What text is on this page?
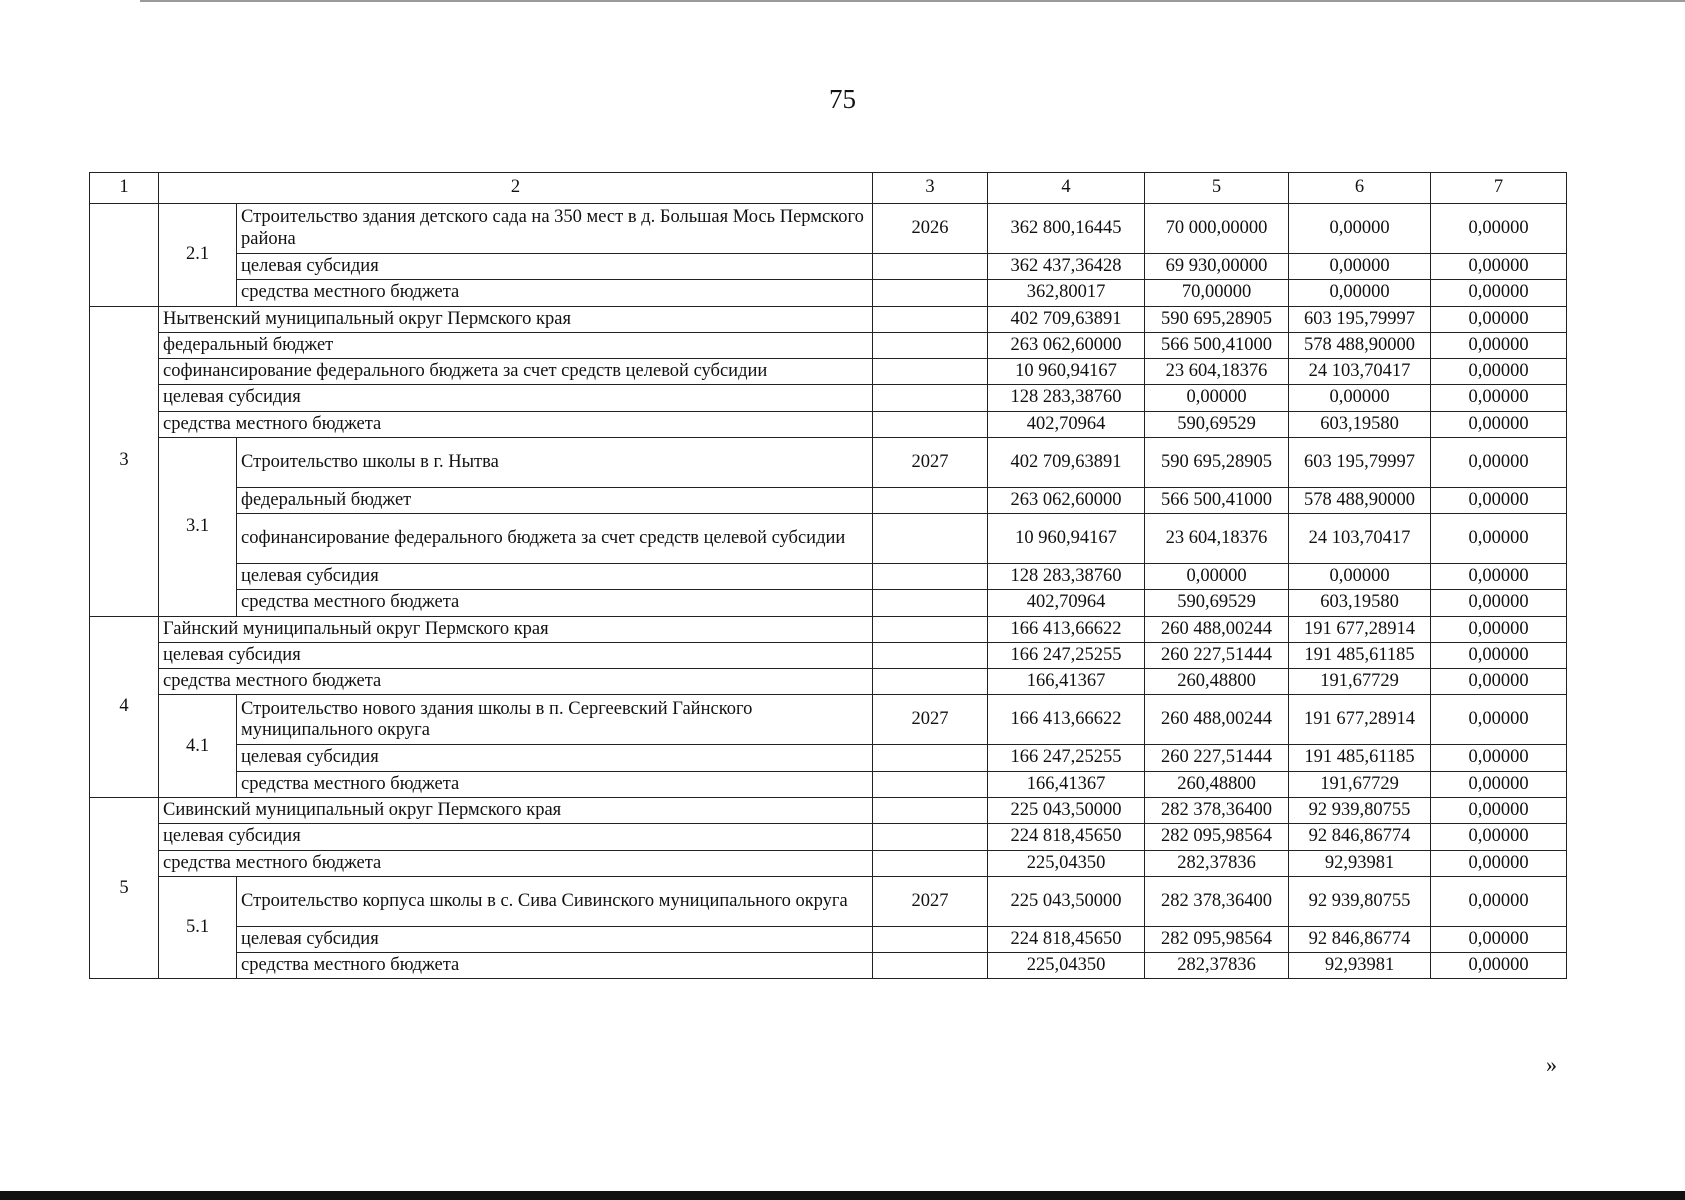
75
1	2		3	4	5	6	7
	2.1	Строительство здания детского сада на 350 мест в д. Большая Мось Пермского района	2026	362 800,16445	70 000,00000	0,00000	0,00000
		целевая субсидия		362 437,36428	69 930,00000	0,00000	0,00000
		средства местного бюджета		362,80017	70,00000	0,00000	0,00000
3	Нытвенский муниципальный округ Пермского края			402 709,63891	590 695,28905	603 195,79997	0,00000
	федеральный бюджет			263 062,60000	566 500,41000	578 488,90000	0,00000
	софинансирование федерального бюджета за счет средств целевой субсидии			10 960,94167	23 604,18376	24 103,70417	0,00000
	целевая субсидия			128 283,38760	0,00000	0,00000	0,00000
	средства местного бюджета			402,70964	590,69529	603,19580	0,00000
	3.1	Строительство школы в г. Нытва	2027	402 709,63891	590 695,28905	603 195,79997	0,00000
		федеральный бюджет		263 062,60000	566 500,41000	578 488,90000	0,00000
		софинансирование федерального бюджета за счет средств целевой субсидии		10 960,94167	23 604,18376	24 103,70417	0,00000
		целевая субсидия		128 283,38760	0,00000	0,00000	0,00000
		средства местного бюджета		402,70964	590,69529	603,19580	0,00000
4	Гайнский муниципальный округ Пермского края			166 413,66622	260 488,00244	191 677,28914	0,00000
	целевая субсидия			166 247,25255	260 227,51444	191 485,61185	0,00000
	средства местного бюджета			166,41367	260,48800	191,67729	0,00000
	4.1	Строительство нового здания школы в п. Сергеевский Гайнского муниципального округа	2027	166 413,66622	260 488,00244	191 677,28914	0,00000
		целевая субсидия		166 247,25255	260 227,51444	191 485,61185	0,00000
		средства местного бюджета		166,41367	260,48800	191,67729	0,00000
5	Сивинский муниципальный округ Пермского края			225 043,50000	282 378,36400	92 939,80755	0,00000
	целевая субсидия			224 818,45650	282 095,98564	92 846,86774	0,00000
	средства местного бюджета			225,04350	282,37836	92,93981	0,00000
	5.1	Строительство корпуса школы в с. Сива Сивинского муниципального округа	2027	225 043,50000	282 378,36400	92 939,80755	0,00000
		целевая субсидия		224 818,45650	282 095,98564	92 846,86774	0,00000
		средства местного бюджета		225,04350	282,37836	92,93981	0,00000
»
